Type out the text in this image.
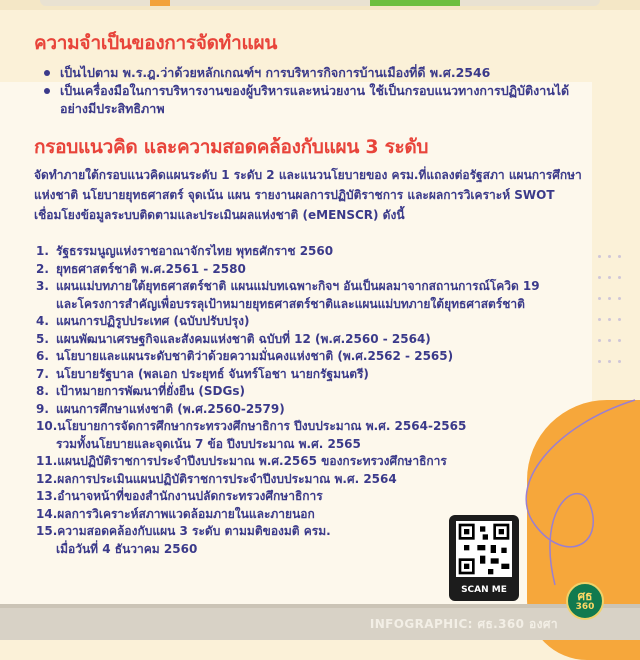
ความจำเป็นของการจัดทำแผน
เป็นไปตาม พ.ร.ฎ.ว่าด้วยหลักเกณฑ์ฯ การบริหารกิจการบ้านเมืองที่ดี พ.ศ.2546
เป็นเครื่องมือในการบริหารงานของผู้บริหารและหน่วยงาน ใช้เป็นกรอบแนวทางการปฏิบัติงานได้อย่างมีประสิทธิภาพ
กรอบแนวคิด และความสอดคล้องกับแผน 3 ระดับ

จัดทำภายใต้กรอบแนวคิดแผนระดับ 1 ระดับ 2 และแนวนโยบายของ ครม.ที่แถลงต่อรัฐสภา แผนการศึกษาแห่งชาติ นโยบายยุทธศาสตร์ จุดเน้น แผน รายงานผลการปฏิบัติราชการ และผลการวิเคราะห์ SWOT เชื่อมโยงข้อมูลระบบติดตามและประเมินผลแห่งชาติ (eMENSCR) ดังนี้

1. รัฐธรรมนูญแห่งราชอาณาจักรไทย พุทธศักราช 2560
2. ยุทธศาสตร์ชาติ พ.ศ.2561 - 2580
3. แผนแม่บทภายใต้ยุทธศาสตร์ชาติ แผนแม่บทเฉพาะกิจฯ อันเป็นผลมาจากสถานการณ์โควิด 19
และโครงการสำคัญเพื่อบรรลุเป้าหมายยุทธศาสตร์ชาติและแผนแม่บทภายใต้ยุทธศาสตร์ชาติ
4. แผนการปฏิรูปประเทศ (ฉบับปรับปรุง)
5. แผนพัฒนาเศรษฐกิจและสังคมแห่งชาติ ฉบับที่ 12 (พ.ศ.2560 - 2564)
6. นโยบายและแผนระดับชาติว่าด้วยความมั่นคงแห่งชาติ (พ.ศ.2562 - 2565)
7. นโยบายรัฐบาล (พลเอก ประยุทธ์ จันทร์โอชา นายกรัฐมนตรี)
8. เป้าหมายการพัฒนาที่ยั่งยืน (SDGs)
9. แผนการศึกษาแห่งชาติ (พ.ศ.2560-2579)
10.นโยบายการจัดการศึกษากระทรวงศึกษาธิการ ปีงบประมาณ พ.ศ. 2564-2565
รวมทั้งนโยบายและจุดเน้น 7 ข้อ ปีงบประมาณ พ.ศ. 2565
11.แผนปฏิบัติราชการประจำปีงบประมาณ พ.ศ.2565 ของกระทรวงศึกษาธิการ
12.ผลการประเมินแผนปฏิบัติราชการประจำปีงบประมาณ พ.ศ. 2564
13.อำนาจหน้าที่ของสำนักงานปลัดกระทรวงศึกษาธิการ
14.ผลการวิเคราะห์สภาพแวดล้อมภายในและภายนอก
15.ความสอดคล้องกับแผน 3 ระดับ ตามมติของมติ ครม.
เมื่อวันที่ 4 ธันวาคม 2560

SCAN ME
INFOGRAPHIC: ศธ.360 องศา
ศธ
360
